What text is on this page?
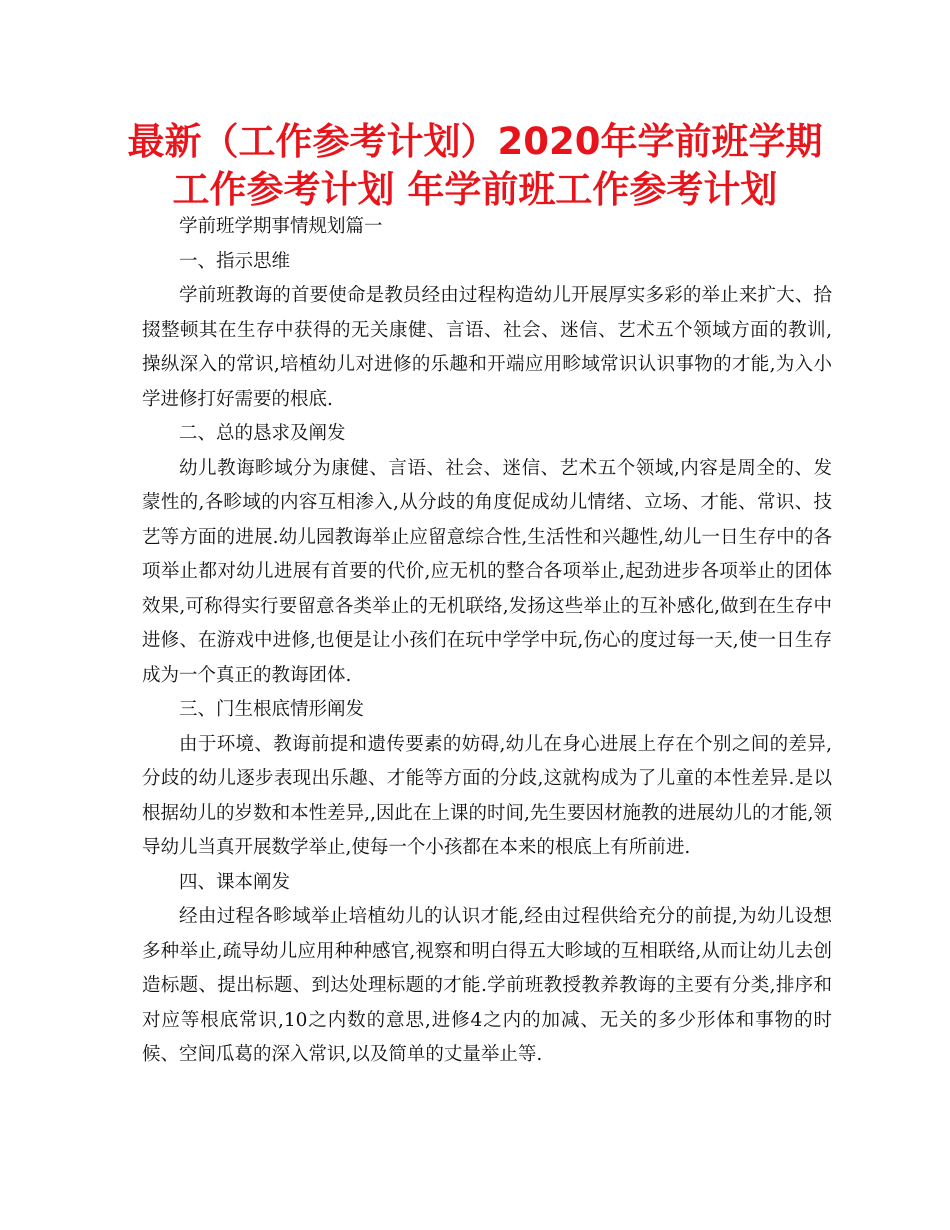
最新（工作参考计划）2020年学前班学期工作参考计划 年学前班工作参考计划

学前班学期事情规划篇一

一、指示思维

学前班教诲的首要使命是教员经由过程构造幼儿开展厚实多彩的举止来扩大、拾掇整顿其在生存中获得的无关康健、言语、社会、迷信、艺术五个领域方面的教训,操纵深入的常识,培植幼儿对进修的乐趣和开端应用畛域常识认识事物的才能,为入小学进修打好需要的根底.

二、总的恳求及阐发

幼儿教诲畛域分为康健、言语、社会、迷信、艺术五个领域,内容是周全的、发蒙性的,各畛域的内容互相渗入,从分歧的角度促成幼儿情绪、立场、才能、常识、技艺等方面的进展.幼儿园教诲举止应留意综合性,生活性和兴趣性,幼儿一日生存中的各项举止都对幼儿进展有首要的代价,应无机的整合各项举止,起劲进步各项举止的团体效果,可称得实行要留意各类举止的无机联络,发扬这些举止的互补感化,做到在生存中进修、在游戏中进修,也便是让小孩们在玩中学学中玩,伤心的度过每一天,使一日生存成为一个真正的教诲团体.

三、门生根底情形阐发

由于环境、教诲前提和遗传要素的妨碍,幼儿在身心进展上存在个别之间的差异,分歧的幼儿逐步表现出乐趣、才能等方面的分歧,这就构成为了儿童的本性差异.是以根据幼儿的岁数和本性差异,,因此在上课的时间,先生要因材施教的进展幼儿的才能,领导幼儿当真开展数学举止,使每一个小孩都在本来的根底上有所前进.

四、课本阐发

经由过程各畛域举止培植幼儿的认识才能,经由过程供给充分的前提,为幼儿设想多种举止,疏导幼儿应用种种感官,视察和明白得五大畛域的互相联络,从而让幼儿去创造标题、提出标题、到达处理标题的才能.学前班教授教养教诲的主要有分类,排序和对应等根底常识,10之内数的意思,进修4之内的加减、无关的多少形体和事物的时候、空间瓜葛的深入常识,以及简单的丈量举止等.
